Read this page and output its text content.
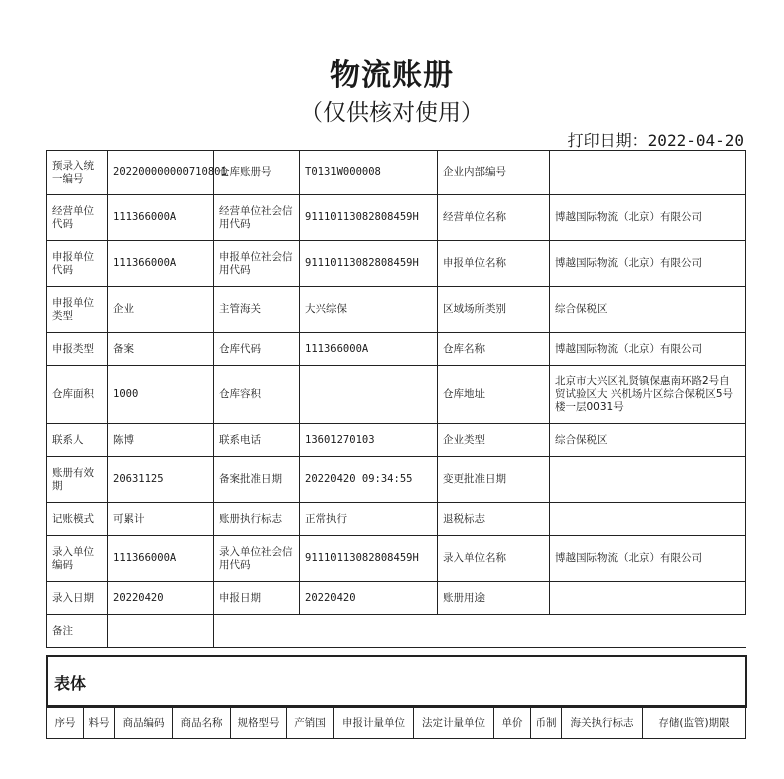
物流账册
（仅供核对使用）
打印日期：2022-04-20
预录入统一编号	202200000000710801	仓库账册号	T0131W000008	企业内部编号	
经营单位代码	111366000A	经营单位社会信用代码	91110113082808459H	经营单位名称	博越国际物流（北京）有限公司
申报单位代码	111366000A	申报单位社会信用代码	91110113082808459H	申报单位名称	博越国际物流（北京）有限公司
申报单位类型	企业	主管海关	大兴综保	区域场所类别	综合保税区
申报类型	备案	仓库代码	111366000A	仓库名称	博越国际物流（北京）有限公司
仓库面积	1000	仓库容积		仓库地址	北京市大兴区礼贤镇保惠南环路2号自贸试验区大 兴机场片区综合保税区5号楼一层0031号
联系人	陈博	联系电话	13601270103	企业类型	综合保税区
账册有效期	20631125	备案批准日期	20220420 09:34:55	变更批准日期	
记账模式	可累计	账册执行标志	正常执行	退税标志	
录入单位编码	111366000A	录入单位社会信用代码	91110113082808459H	录入单位名称	博越国际物流（北京）有限公司
录入日期	20220420	申报日期	20220420	账册用途	
备注					
表体
序号	料号	商品编码	商品名称	规格型号	产销国	申报计量单位	法定计量单位	单价	币制	海关执行标志	存储(监管)期限
